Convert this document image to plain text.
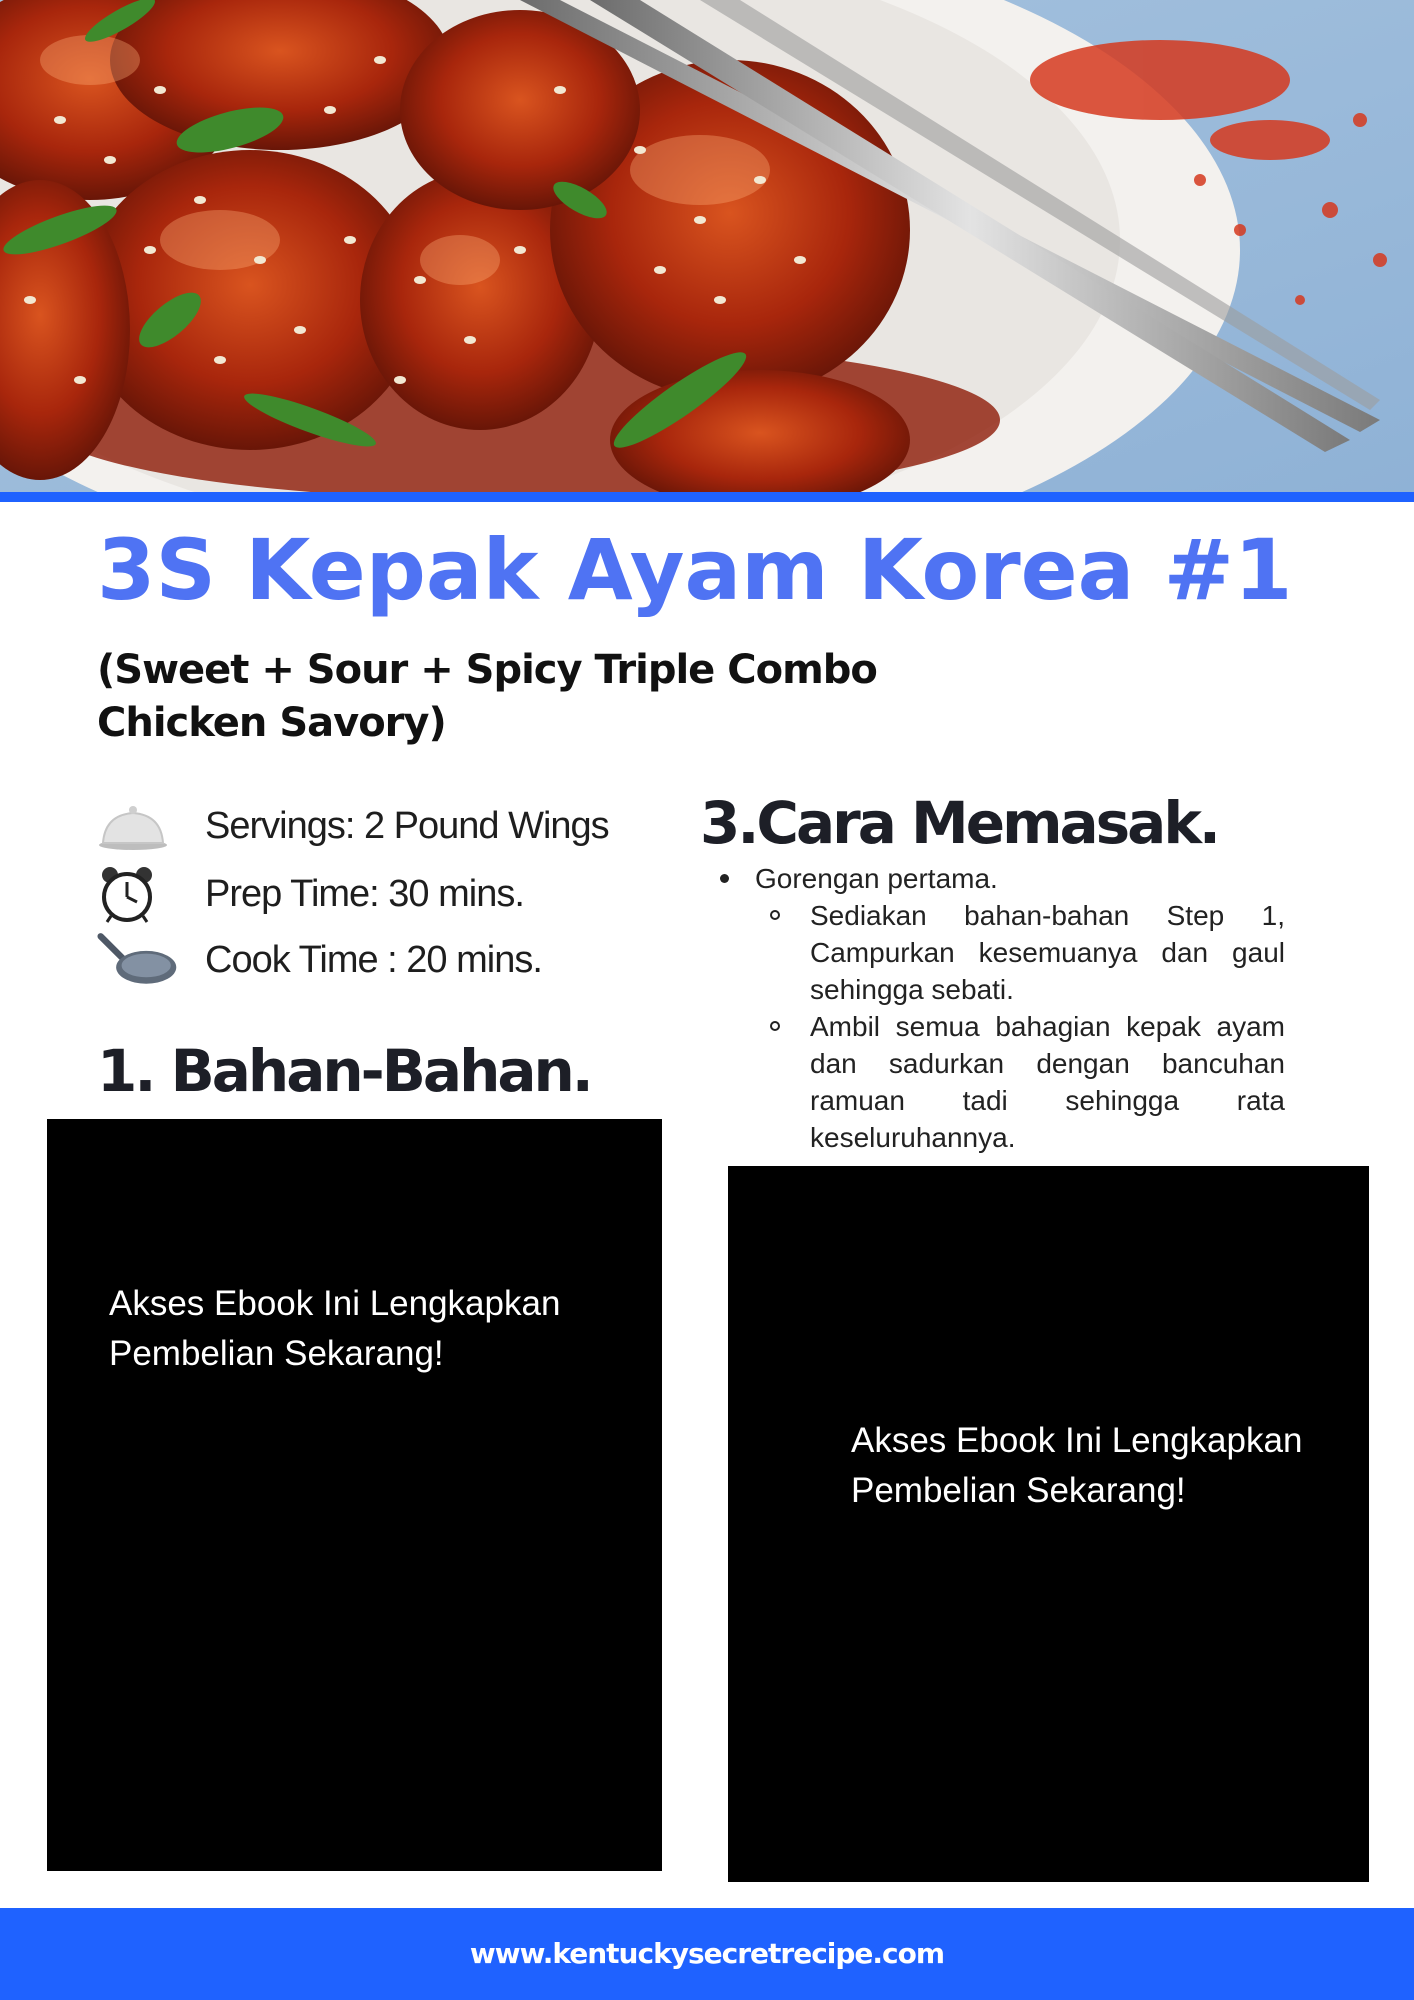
3S Kepak Ayam Korea #1

(Sweet + Sour + Spicy Triple Combo Chicken Savory)

Servings: 2 Pound Wings
Prep Time: 30 mins.
Cook Time : 20 mins.
1. Bahan-Bahan.
3.Cara Memasak.
Gorengan pertama.
Sediakan bahan-bahan Step 1, Campurkan kesemuanya dan gaul sehingga sebati.
Ambil semua bahagian kepak ayam dan sadurkan dengan bancuhan ramuan tadi sehingga rata keseluruhannya.

Akses Ebook Ini Lengkapkan Pembelian Sekarang!

Akses Ebook Ini Lengkapkan Pembelian Sekarang!

www.kentuckysecretrecipe.com
